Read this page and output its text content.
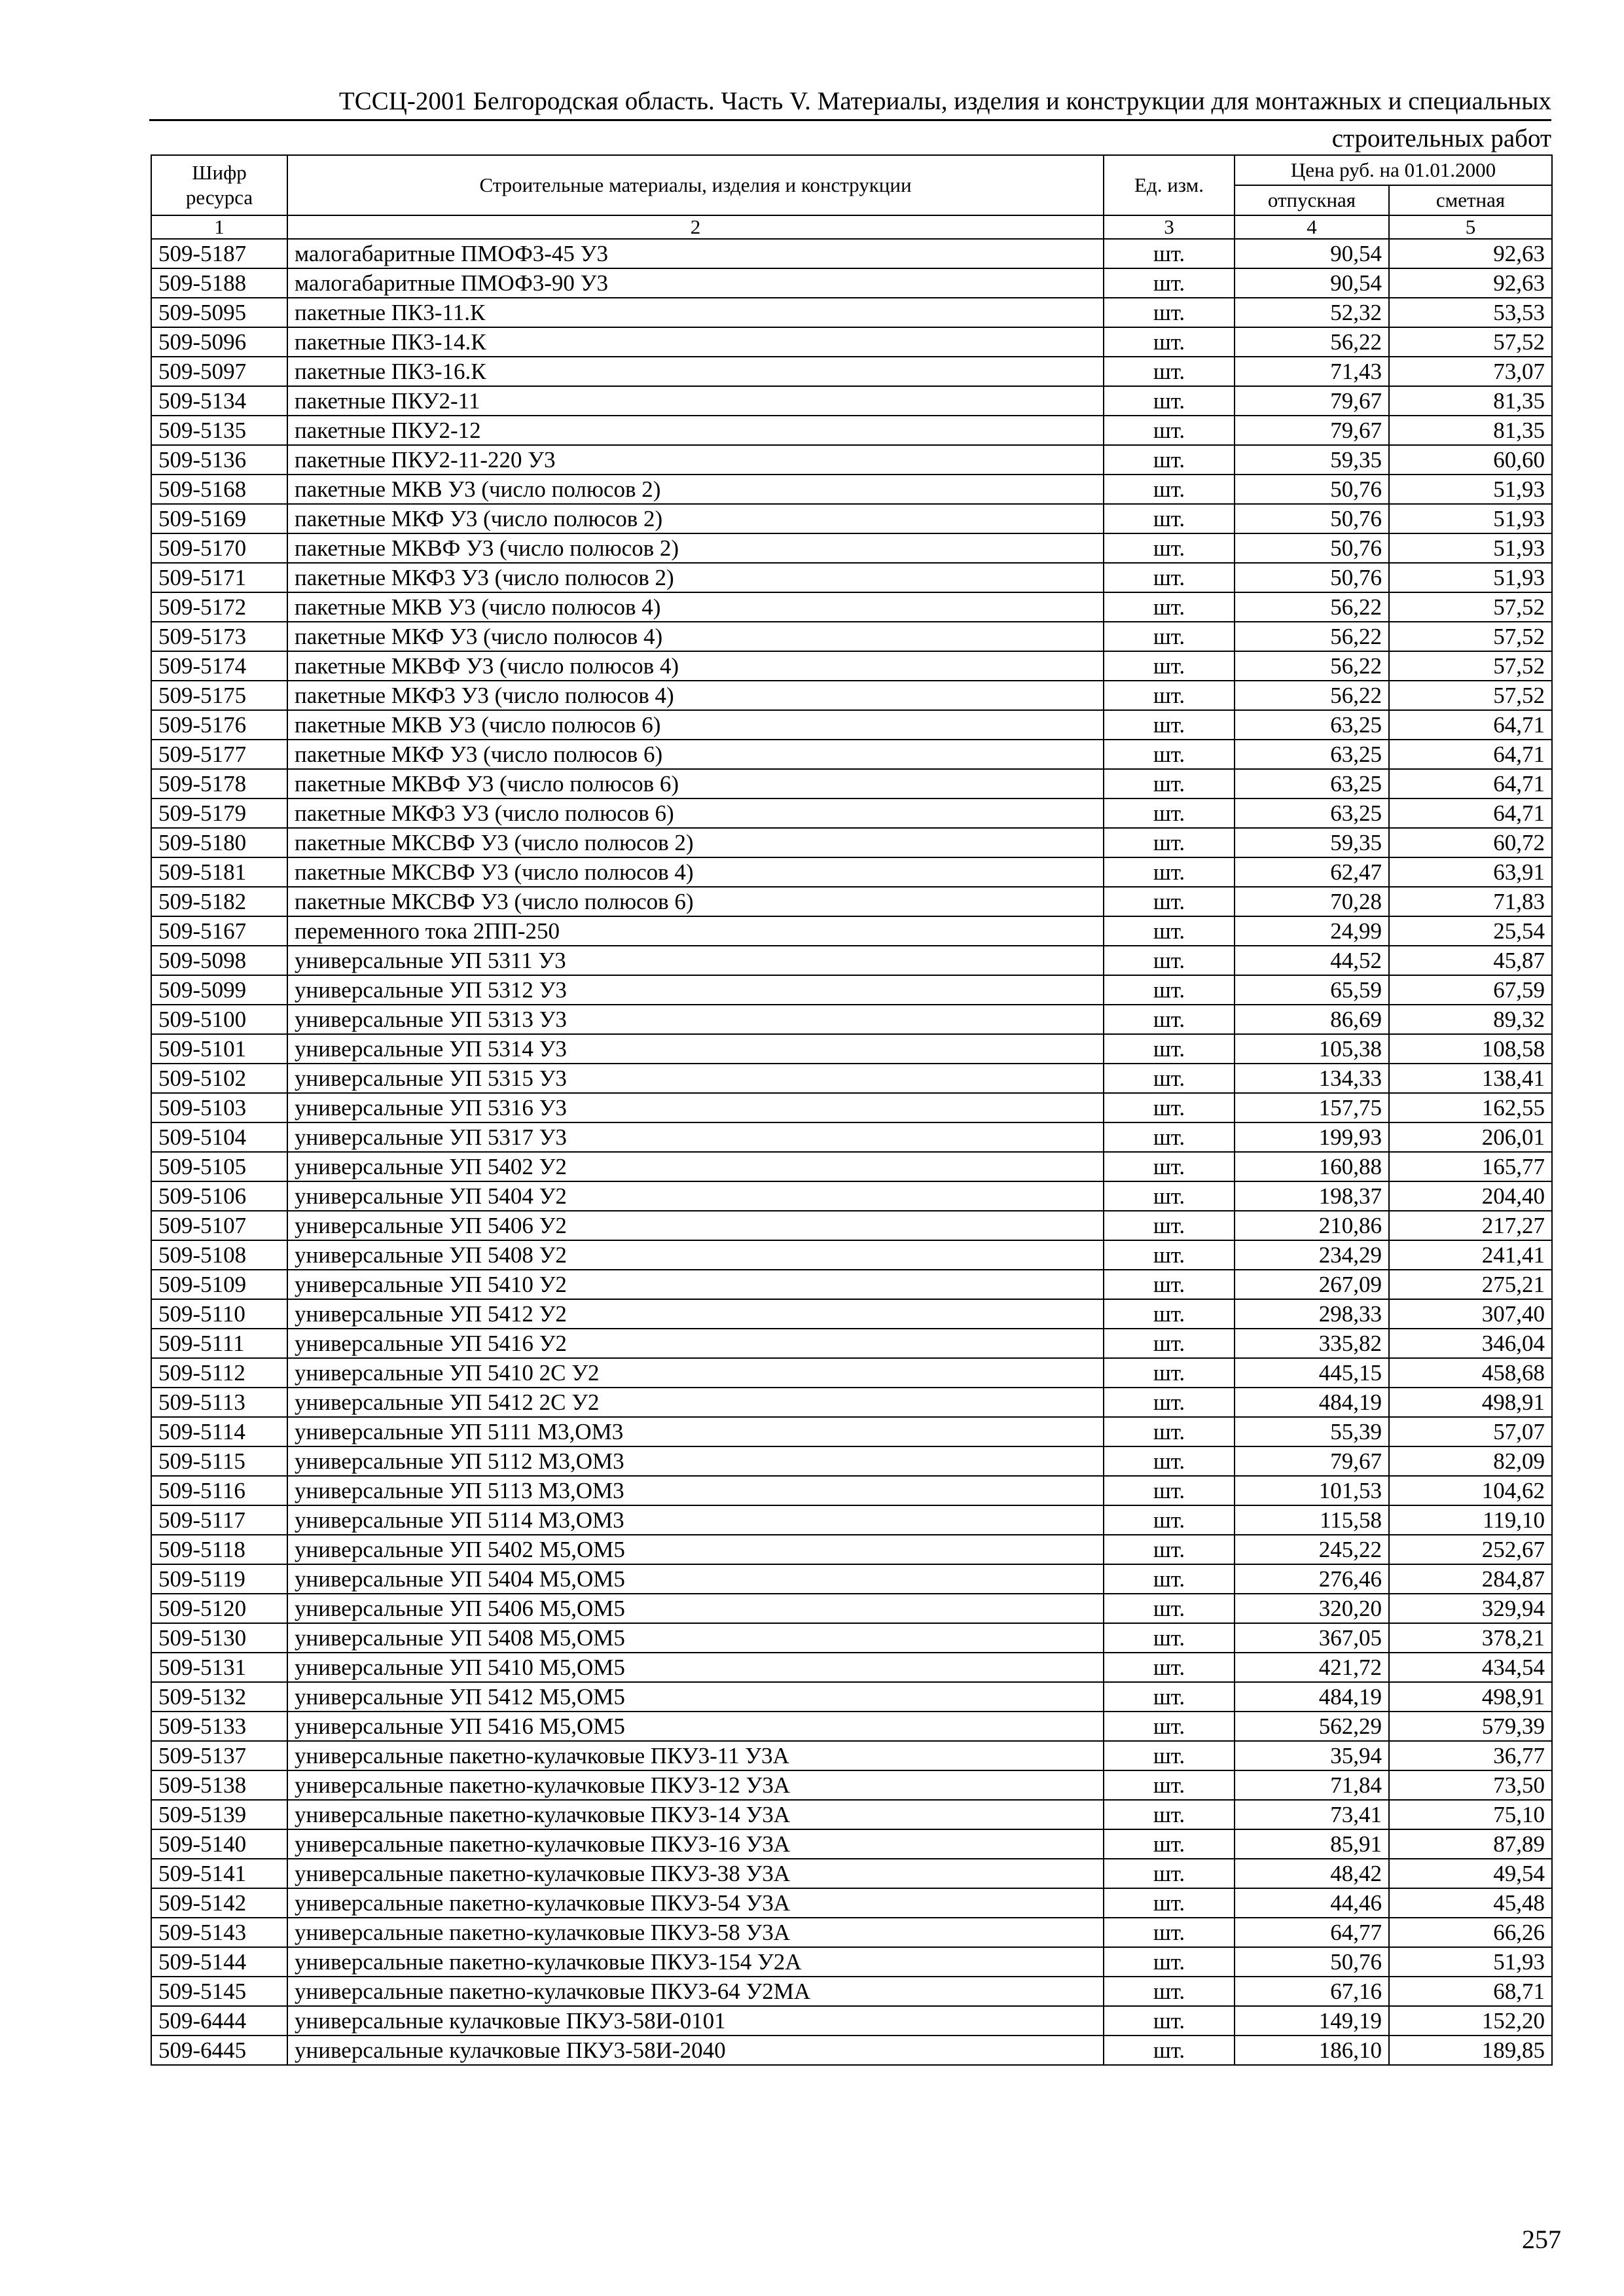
ТССЦ-2001 Белгородская область. Часть V. Материалы, изделия и конструкции для монтажных и специальных
строительных работ
Шифр ресурса	Строительные материалы, изделия и конструкции	Ед. изм.	Цена руб. на 01.01.2000	
			отпускная	сметная
1	2	3	4	5
509-5187	малогабаритные ПМОФ3-45 У3	шт.	90,54	92,63
509-5188	малогабаритные ПМОФ3-90 У3	шт.	90,54	92,63
509-5095	пакетные ПК3-11.К	шт.	52,32	53,53
509-5096	пакетные ПК3-14.К	шт.	56,22	57,52
509-5097	пакетные ПК3-16.К	шт.	71,43	73,07
509-5134	пакетные ПКУ2-11	шт.	79,67	81,35
509-5135	пакетные ПКУ2-12	шт.	79,67	81,35
509-5136	пакетные ПКУ2-11-220 У3	шт.	59,35	60,60
509-5168	пакетные МКВ У3 (число полюсов 2)	шт.	50,76	51,93
509-5169	пакетные МКФ У3 (число полюсов 2)	шт.	50,76	51,93
509-5170	пакетные МКВФ У3 (число полюсов 2)	шт.	50,76	51,93
509-5171	пакетные МКФ3 У3 (число полюсов 2)	шт.	50,76	51,93
509-5172	пакетные МКВ У3 (число полюсов 4)	шт.	56,22	57,52
509-5173	пакетные МКФ У3 (число полюсов 4)	шт.	56,22	57,52
509-5174	пакетные МКВФ У3 (число полюсов 4)	шт.	56,22	57,52
509-5175	пакетные МКФ3 У3 (число полюсов 4)	шт.	56,22	57,52
509-5176	пакетные МКВ У3 (число полюсов 6)	шт.	63,25	64,71
509-5177	пакетные МКФ У3 (число полюсов 6)	шт.	63,25	64,71
509-5178	пакетные МКВФ У3 (число полюсов 6)	шт.	63,25	64,71
509-5179	пакетные МКФ3 У3 (число полюсов 6)	шт.	63,25	64,71
509-5180	пакетные МКСВФ У3 (число полюсов 2)	шт.	59,35	60,72
509-5181	пакетные МКСВФ У3 (число полюсов 4)	шт.	62,47	63,91
509-5182	пакетные МКСВФ У3 (число полюсов 6)	шт.	70,28	71,83
509-5167	переменного тока 2ПП-250	шт.	24,99	25,54
509-5098	универсальные УП 5311 У3	шт.	44,52	45,87
509-5099	универсальные УП 5312 У3	шт.	65,59	67,59
509-5100	универсальные УП 5313 У3	шт.	86,69	89,32
509-5101	универсальные УП 5314 У3	шт.	105,38	108,58
509-5102	универсальные УП 5315 У3	шт.	134,33	138,41
509-5103	универсальные УП 5316 У3	шт.	157,75	162,55
509-5104	универсальные УП 5317 У3	шт.	199,93	206,01
509-5105	универсальные УП 5402 У2	шт.	160,88	165,77
509-5106	универсальные УП 5404 У2	шт.	198,37	204,40
509-5107	универсальные УП 5406 У2	шт.	210,86	217,27
509-5108	универсальные УП 5408 У2	шт.	234,29	241,41
509-5109	универсальные УП 5410 У2	шт.	267,09	275,21
509-5110	универсальные УП 5412 У2	шт.	298,33	307,40
509-5111	универсальные УП 5416 У2	шт.	335,82	346,04
509-5112	универсальные УП 5410 2С У2	шт.	445,15	458,68
509-5113	универсальные УП 5412 2С У2	шт.	484,19	498,91
509-5114	универсальные УП 5111 М3,ОМ3	шт.	55,39	57,07
509-5115	универсальные УП 5112 М3,ОМ3	шт.	79,67	82,09
509-5116	универсальные УП 5113 М3,ОМ3	шт.	101,53	104,62
509-5117	универсальные УП 5114 М3,ОМ3	шт.	115,58	119,10
509-5118	универсальные УП 5402 М5,ОМ5	шт.	245,22	252,67
509-5119	универсальные УП 5404 М5,ОМ5	шт.	276,46	284,87
509-5120	универсальные УП 5406 М5,ОМ5	шт.	320,20	329,94
509-5130	универсальные УП 5408 М5,ОМ5	шт.	367,05	378,21
509-5131	универсальные УП 5410 М5,ОМ5	шт.	421,72	434,54
509-5132	универсальные УП 5412 М5,ОМ5	шт.	484,19	498,91
509-5133	универсальные УП 5416 М5,ОМ5	шт.	562,29	579,39
509-5137	универсальные пакетно-кулачковые ПКУ3-11 У3А	шт.	35,94	36,77
509-5138	универсальные пакетно-кулачковые ПКУ3-12 У3А	шт.	71,84	73,50
509-5139	универсальные пакетно-кулачковые ПКУ3-14 У3А	шт.	73,41	75,10
509-5140	универсальные пакетно-кулачковые ПКУ3-16 У3А	шт.	85,91	87,89
509-5141	универсальные пакетно-кулачковые ПКУ3-38 У3А	шт.	48,42	49,54
509-5142	универсальные пакетно-кулачковые ПКУ3-54 У3А	шт.	44,46	45,48
509-5143	универсальные пакетно-кулачковые ПКУ3-58 У3А	шт.	64,77	66,26
509-5144	универсальные пакетно-кулачковые ПКУ3-154 У2А	шт.	50,76	51,93
509-5145	универсальные пакетно-кулачковые ПКУ3-64 У2МА	шт.	67,16	68,71
509-6444	универсальные кулачковые ПКУ3-58И-0101	шт.	149,19	152,20
509-6445	универсальные кулачковые ПКУ3-58И-2040	шт.	186,10	189,85
257
